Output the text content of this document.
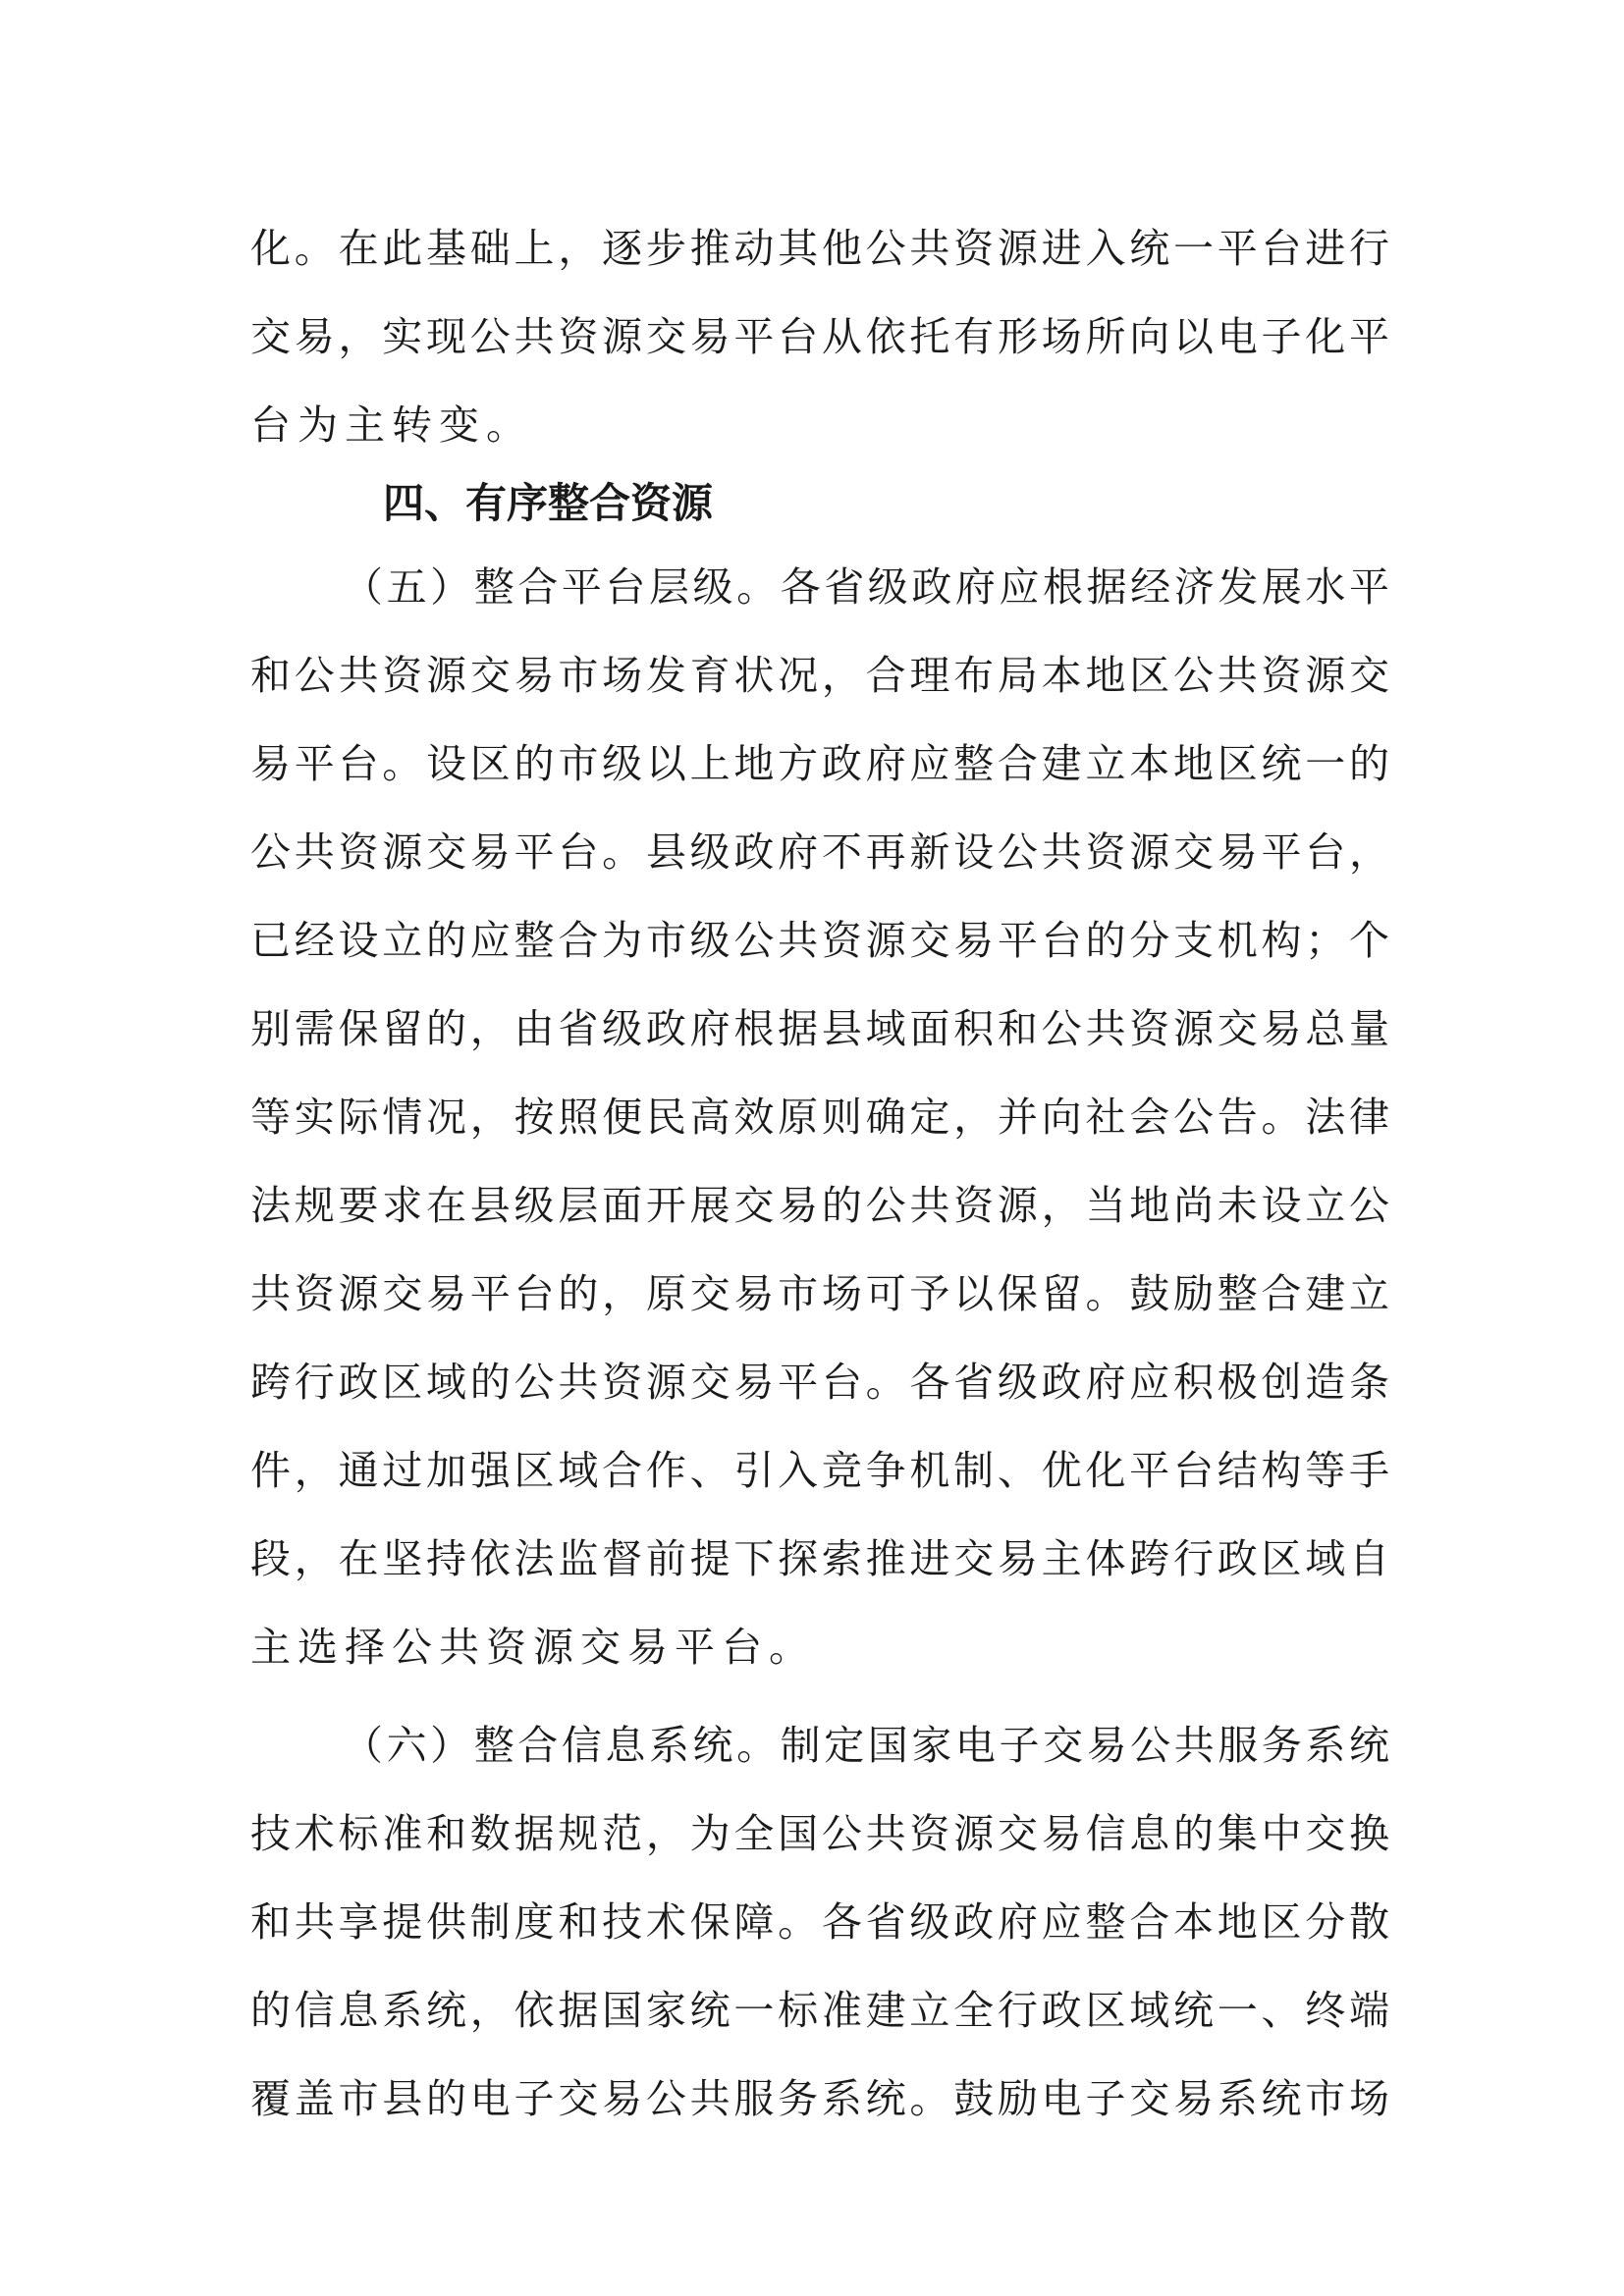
化。在此基础上，逐步推动其他公共资源进入统一平台进行
交易，实现公共资源交易平台从依托有形场所向以电子化平
台为主转变。
四、有序整合资源
（五）整合平台层级。各省级政府应根据经济发展水平
和公共资源交易市场发育状况，合理布局本地区公共资源交
易平台。设区的市级以上地方政府应整合建立本地区统一的
公共资源交易平台。县级政府不再新设公共资源交易平台，
已经设立的应整合为市级公共资源交易平台的分支机构；个
别需保留的，由省级政府根据县域面积和公共资源交易总量
等实际情况，按照便民高效原则确定，并向社会公告。法律
法规要求在县级层面开展交易的公共资源，当地尚未设立公
共资源交易平台的，原交易市场可予以保留。鼓励整合建立
跨行政区域的公共资源交易平台。各省级政府应积极创造条
件，通过加强区域合作、引入竞争机制、优化平台结构等手
段，在坚持依法监督前提下探索推进交易主体跨行政区域自
主选择公共资源交易平台。
（六）整合信息系统。制定国家电子交易公共服务系统
技术标准和数据规范，为全国公共资源交易信息的集中交换
和共享提供制度和技术保障。各省级政府应整合本地区分散
的信息系统，依据国家统一标准建立全行政区域统一、终端
覆盖市县的电子交易公共服务系统。鼓励电子交易系统市场
